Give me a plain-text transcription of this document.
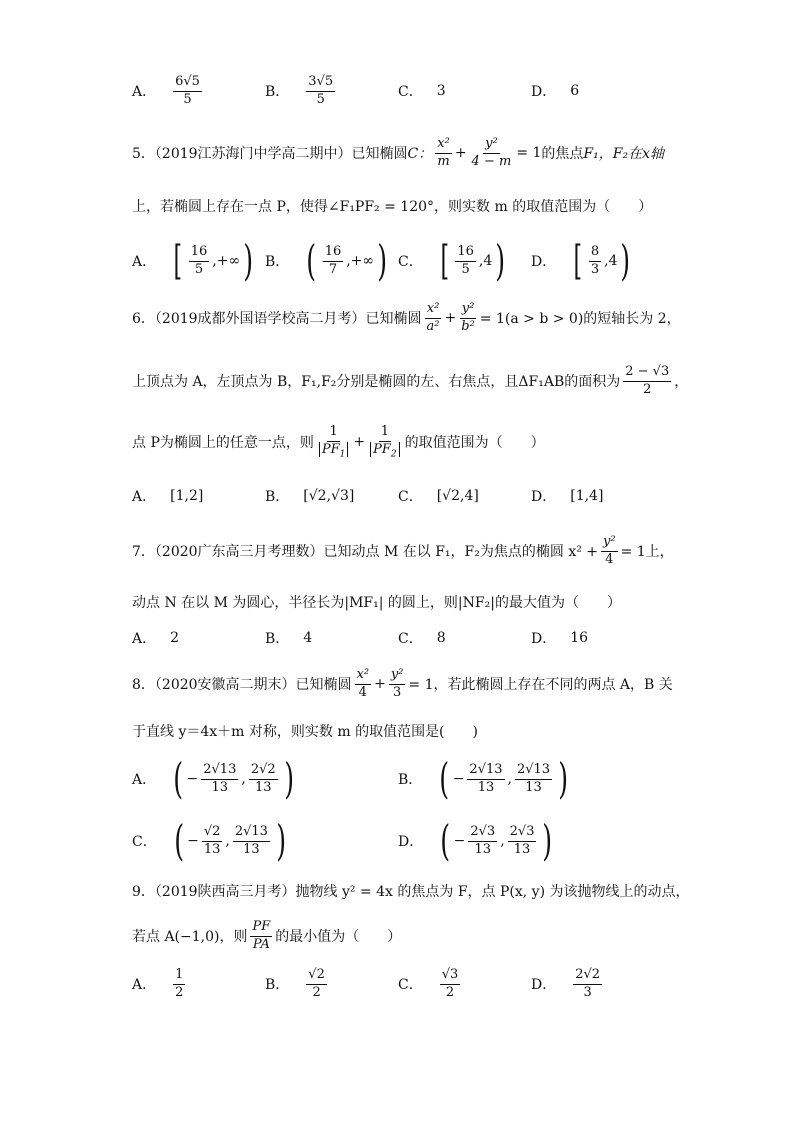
A． $\frac{6√5}{5}$	B． $\frac{3√5}{5}$	C． 3	D． 6
5．（2019江苏海门中学高二期中）已知椭圆 C： $\frac{\text{x²}}{m} + \frac{\text{y²}}{4 - m} = 1$ 的焦点 F₁，F₂在 x轴
上，若椭圆上存在一点 P，使得∠F₁PF₂ = 120°，则实数 m 的取值范围为（　　）
A． [ $\frac{16}{5}$ ,+∞ ) B． ( $\frac{16}{7}$ ,+∞ ) C． [ $\frac{16}{5} ,4$ ) D． [ $\frac{8}{3} ,4$ )
6．（2019成都外国语学校高二月考）已知椭圆 $\frac{\text{x²}}{\text{a²}} + \frac{\text{y²}}{\text{b²}} = 1(a > b > 0)$的短轴长为 2，
上顶点为 A，左顶点为 B，F₁,F₂分别是椭圆的左、右焦点，且ΔF₁AB的面积为 $\frac{2 - √3}{2}$ ，
点 P为椭圆上的任意一点，则 $\frac{1}{PF_1} + \frac{1}{PF_2}$ 的取值范围为（　　）
A． [1,2]	B． [√2,√3]	C． [√2,4]	D． [1,4]
7．（2020广东高三月考理数）已知动点 M 在以 F₁，F₂为焦点的椭圆 $x^2 + \frac{\text{y²}}{4} = 1$上，
动点 N 在以 M 为圆心，半径长为|MF₁| 的圆上，则|NF₂|的最大值为（　　）
A． 2	B． 4	C． 8	D． 16
8．（2020安徽高二期末）已知椭圆 $\frac{\text{x²}}{4} + \frac{\text{y²}}{3} = 1$，若此椭圆上存在不同的两点 A，B 关
于直线 y＝4x＋m 对称，则实数 m 的取值范围是(　　)
A． ( − $\frac{2√13}{13}$ , $\frac{2√2}{13}$ )	B． ( − $\frac{2√13}{13}$ , $\frac{2√13}{13}$ )
C． ( − $\frac{√2}{13}$ , $\frac{2√13}{13}$ )	D． ( − $\frac{2√3}{13}$ , $\frac{2√3}{13}$ )
9．（2019陕西高三月考）抛物线 y² = 4x 的焦点为 F，点 P(x, y) 为该抛物线上的动点，
若点 A(−1,0)，则 $\frac{PF}{PA}$ 的最小值为（　　）
A． $\frac{1}{2}$	B． $\frac{√2}{2}$	C． $\frac{√3}{2}$	D． $\frac{2√2}{3}$
